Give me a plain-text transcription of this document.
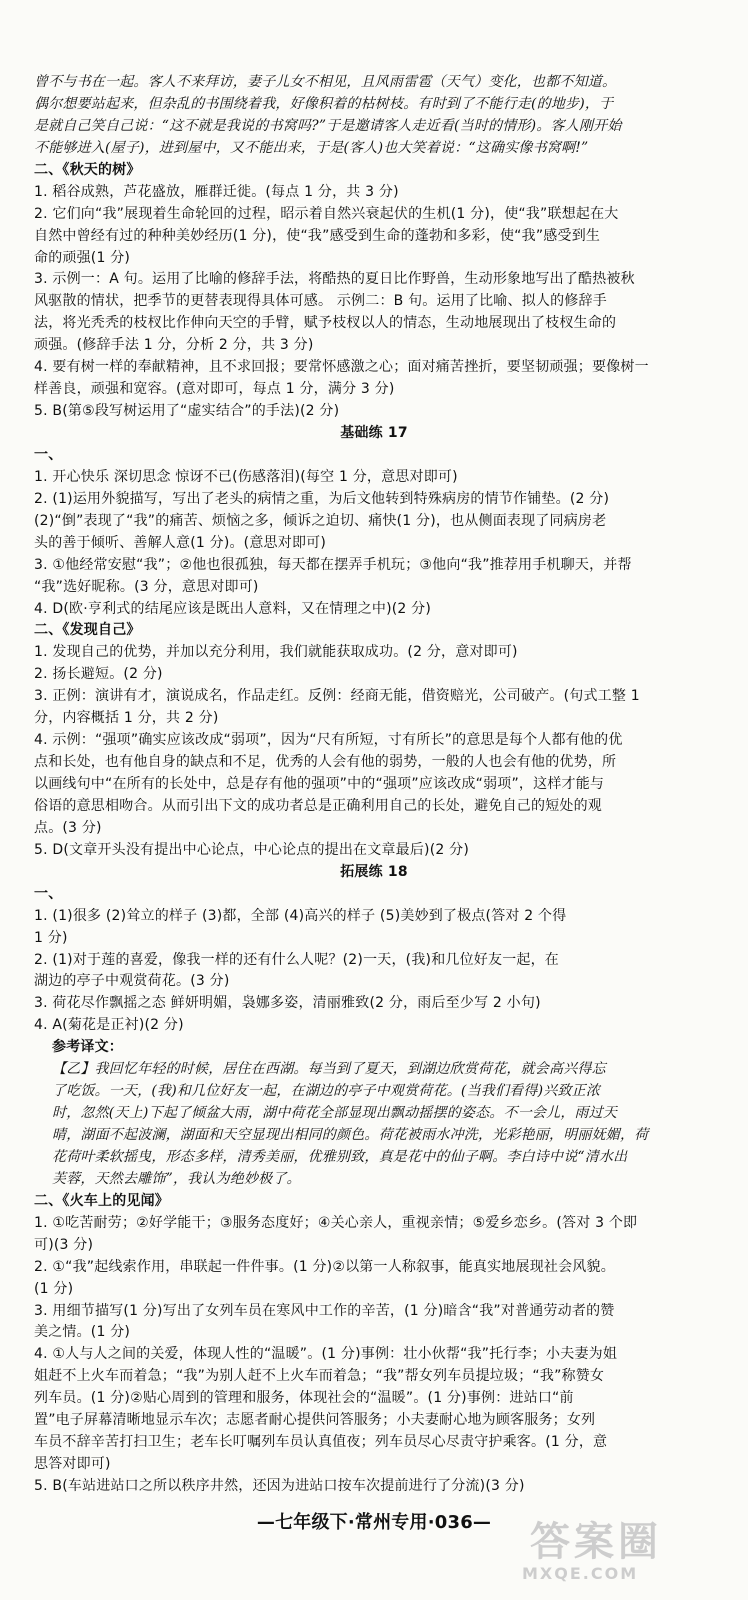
曾不与书在一起。客人不来拜访，妻子儿女不相见，且风雨雷雹（天气）变化，也都不知道。
偶尔想要站起来，但杂乱的书围绕着我，好像积着的枯树枝。有时到了不能行走(的地步)，于
是就自己笑自己说：“这不就是我说的书窝吗?”于是邀请客人走近看(当时的情形)。客人刚开始
不能够进入(屋子)，进到屋中，又不能出来，于是(客人)也大笑着说：“这确实像书窝啊!”
二、《秋天的树》
1. 稻谷成熟，芦花盛放，雁群迁徙。(每点 1 分，共 3 分)
2. 它们向“我”展现着生命轮回的过程，昭示着自然兴衰起伏的生机(1 分)，使“我”联想起在大
自然中曾经有过的种种美妙经历(1 分)，使“我”感受到生命的蓬勃和多彩，使“我”感受到生
命的顽强(1 分)
3. 示例一：A 句。运用了比喻的修辞手法，将酷热的夏日比作野兽，生动形象地写出了酷热被秋
风驱散的情状，把季节的更替表现得具体可感。 示例二：B 句。运用了比喻、拟人的修辞手
法，将光秃秃的枝杈比作伸向天空的手臂，赋予枝杈以人的情态，生动地展现出了枝杈生命的
顽强。(修辞手法 1 分，分析 2 分，共 3 分)
4. 要有树一样的奉献精神，且不求回报；要常怀感激之心；面对痛苦挫折，要坚韧顽强；要像树一
样善良，顽强和宽容。(意对即可，每点 1 分，满分 3 分)
5. B(第⑤段写树运用了“虚实结合”的手法)(2 分)
基础练 17
一、
1. 开心快乐 深切思念 惊讶不已(伤感落泪)(每空 1 分，意思对即可)
2. (1)运用外貌描写，写出了老头的病情之重，为后文他转到特殊病房的情节作铺垫。(2 分)
(2)“倒”表现了“我”的痛苦、烦恼之多，倾诉之迫切、痛快(1 分)，也从侧面表现了同病房老
头的善于倾听、善解人意(1 分)。(意思对即可)
3. ①他经常安慰“我”；②他也很孤独，每天都在摆弄手机玩；③他向“我”推荐用手机聊天，并帮
“我”选好昵称。(3 分，意思对即可)
4. D(欧·亨利式的结尾应该是既出人意料，又在情理之中)(2 分)
二、《发现自己》
1. 发现自己的优势，并加以充分利用，我们就能获取成功。(2 分，意对即可)
2. 扬长避短。(2 分)
3. 正例：演讲有才，演说成名，作品走红。反例：经商无能，借资赔光，公司破产。(句式工整 1
分，内容概括 1 分，共 2 分)
4. 示例：“强项”确实应该改成“弱项”，因为“尺有所短，寸有所长”的意思是每个人都有他的优
点和长处，也有他自身的缺点和不足，优秀的人会有他的弱势，一般的人也会有他的优势，所
以画线句中“在所有的长处中，总是存有他的强项”中的“强项”应该改成“弱项”，这样才能与
俗语的意思相吻合。从而引出下文的成功者总是正确利用自己的长处，避免自己的短处的观
点。(3 分)
5. D(文章开头没有提出中心论点，中心论点的提出在文章最后)(2 分)
拓展练 18
一、
1. (1)很多 (2)耸立的样子 (3)都，全部 (4)高兴的样子 (5)美妙到了极点(答对 2 个得
1 分)
2. (1)对于莲的喜爱，像我一样的还有什么人呢？(2)一天，(我)和几位好友一起，在
湖边的亭子中观赏荷花。(3 分)
3. 荷花尽作飘摇之态 鲜妍明媚，袅娜多姿，清丽雅致(2 分，雨后至少写 2 小句)
4. A(菊花是正衬)(2 分)
参考译文：
【乙】我回忆年轻的时候，居住在西湖。每当到了夏天，到湖边欣赏荷花，就会高兴得忘
了吃饭。一天，(我)和几位好友一起，在湖边的亭子中观赏荷花。(当我们看得)兴致正浓
时，忽然(天上)下起了倾盆大雨，湖中荷花全部显现出飘动摇摆的姿态。不一会儿，雨过天
晴，湖面不起波澜，湖面和天空显现出相同的颜色。荷花被雨水冲洗，光彩艳丽，明丽妩媚，荷
花荷叶柔软摇曳，形态多样，清秀美丽，优雅别致，真是花中的仙子啊。李白诗中说“清水出
芙蓉，天然去雕饰”，我认为绝妙极了。
二、《火车上的见闻》
1. ①吃苦耐劳；②好学能干；③服务态度好；④关心亲人，重视亲情；⑤爱乡恋乡。(答对 3 个即
可)(3 分)
2. ①“我”起线索作用，串联起一件件事。(1 分)②以第一人称叙事，能真实地展现社会风貌。
(1 分)
3. 用细节描写(1 分)写出了女列车员在寒风中工作的辛苦，(1 分)暗含“我”对普通劳动者的赞
美之情。(1 分)
4. ①人与人之间的关爱，体现人性的“温暖”。(1 分)事例：壮小伙帮“我”托行李；小夫妻为姐
姐赶不上火车而着急；“我”为别人赶不上火车而着急；“我”帮女列车员提垃圾；“我”称赞女
列车员。(1 分)②贴心周到的管理和服务，体现社会的“温暖”。(1 分)事例：进站口“前
置”电子屏幕清晰地显示车次；志愿者耐心提供问答服务；小夫妻耐心地为顾客服务；女列
车员不辞辛苦打扫卫生；老车长叮嘱列车员认真值夜；列车员尽心尽责守护乘客。(1 分，意
思答对即可)
5. B(车站进站口之所以秩序井然，还因为进站口按车次提前进行了分流)(3 分)
—七年级下·常州专用·036— 答案圈
MXQE.COM
